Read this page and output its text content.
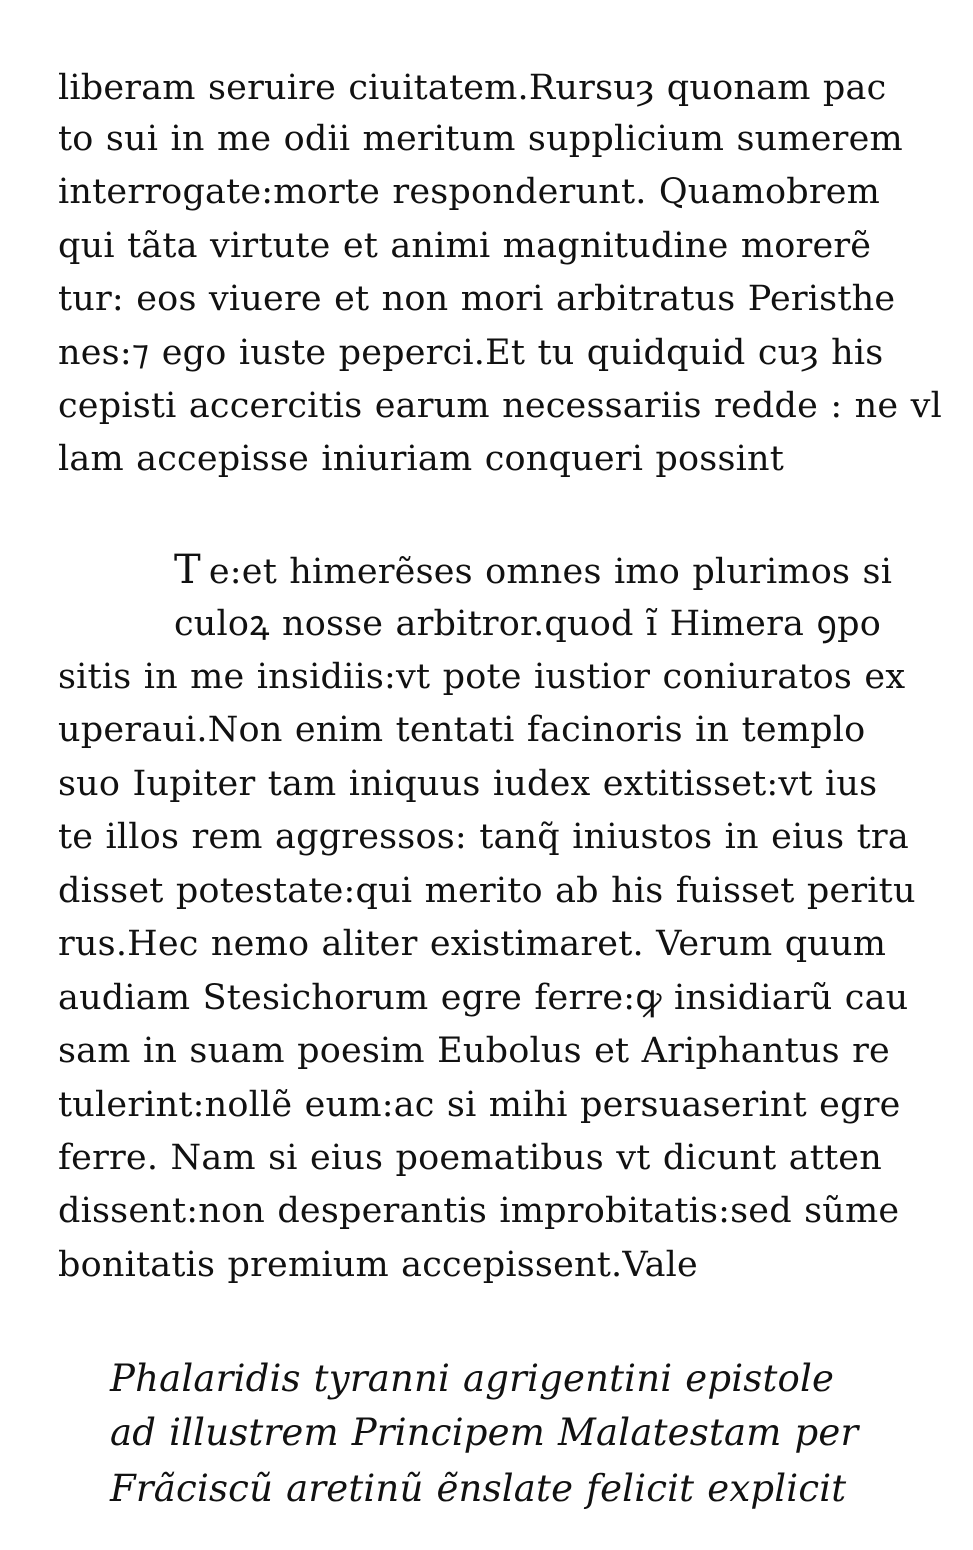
liberam seruire ciuitatem.Rursuȝ quonam pac
to sui in me odii meritum supplicium sumerem
interrogate:morte responderunt. Quamobrem
qui tãta virtute et animi magnitudine morerẽ
tur: eos viuere et non mori arbitratus Peristhe
nes:⁊ ego iuste peperci.Et tu quidquid cuȝ his
cepisti accercitis earum necessariis redde : ne vl
lam accepisse iniuriam conqueri possint
T e:et himerẽses omnes imo plurimos si
culoꝝ nosse arbitror.quod ĩ Himera ꝯpo
sitis in me insidiis:vt pote iustior coniuratos ex
uperaui.Non enim tentati facinoris in templo
suo Iupiter tam iniquus iudex extitisset:vt ius
te illos rem aggressos: tanq̃ iniustos in eius tra
disset potestate:qui merito ab his fuisset peritu
rus.Hec nemo aliter existimaret. Verum quum
audiam Stesichorum egre ferre:ꝙ insidiarũ cau
sam in suam poesim Eubolus et Ariphantus re
tulerint:nollẽ eum:ac si mihi persuaserint egre
ferre. Nam si eius poematibus vt dicunt atten
dissent:non desperantis improbitatis:sed sũme
bonitatis premium accepissent.Vale
Phalaridis tyranni agrigentini epistole
ad illustrem Principem Malatestam per
Frãciscũ aretinũ ẽnslate felicit explicit
